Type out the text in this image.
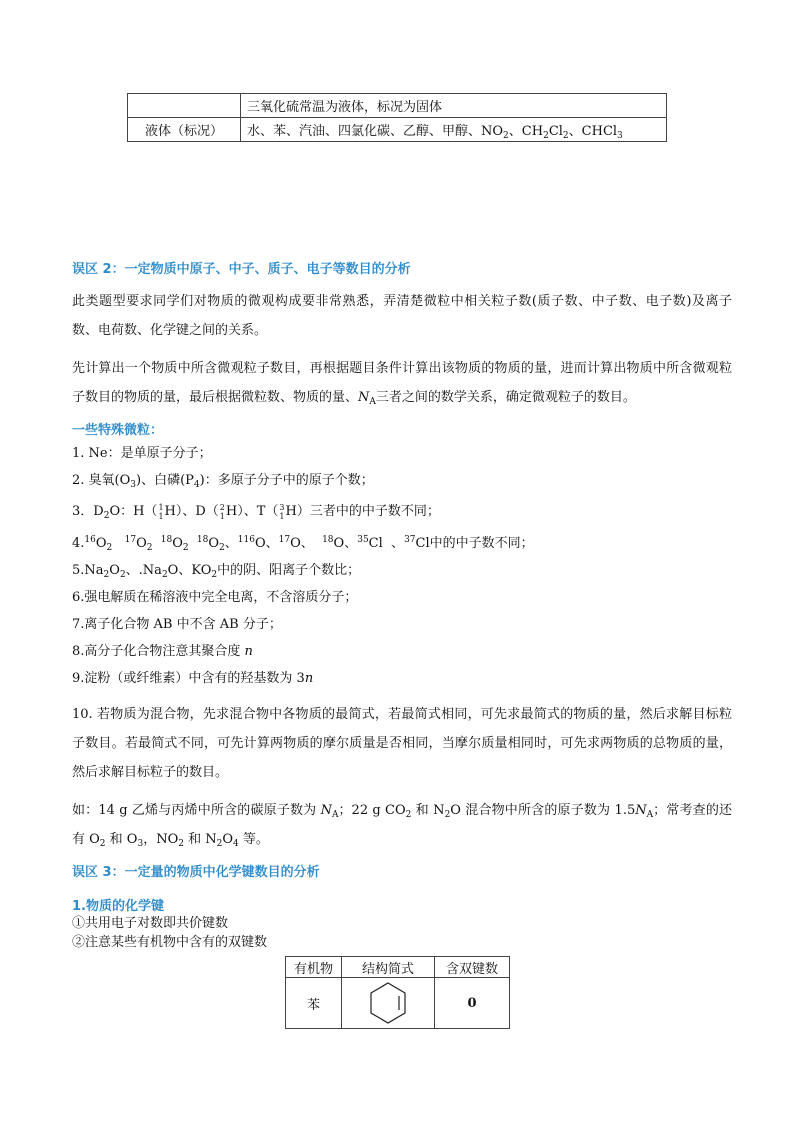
	三氧化硫常温为液体，标况为固体
液体（标况）	水、苯、汽油、四氯化碳、乙醇、甲醇、$NO_2$、$CH_2Cl_2$、CHCl$_3$
误区 2：一定物质中原子、中子、质子、电子等数目的分析
此类题型要求同学们对物质的微观构成要非常熟悉，弄清楚微粒中相关粒子数(质子数、中子数、电子数)及离子数、电荷数、化学键之间的关系。
先计算出一个物质中所含微观粒子数目，再根据题目条件计算出该物质的物质的量，进而计算出物质中所含微观粒子数目的物质的量，最后根据微粒数、物质的量、$N_A$三者之间的数学关系，确定微观粒子的数目。
一些特殊微粒：
1. Ne：是单原子分子；
2. 臭氧$(O_3)$、白磷$(P_4)$：多原子分子中的原子个数；
3．$D_2O$：H（ 1
1 H）、D（ 2
1 H）、T（ 3
1 H）三者中的中子数不同；
$4.16O_2$   $^{17}O_2$  $^{18}O_2$  $^{18}O_2$、$^{116}$O、$^{17}$O、 $^{18}$O、$^{35}$Cl 、$^{37}$Cl中的中子数不同；
$5.Na_2O_2$、$.Na_2O$、$KO_2$中的阴、阳离子个数比；
6.强电解质在稀溶液中完全电离，不含溶质分子；
7.离子化合物 AB 中不含 AB 分子；
8.高分子化合物注意其聚合度 n
9.淀粉（或纤维素）中含有的羟基数为 3n
10. 若物质为混合物，先求混合物中各物质的最简式，若最简式相同，可先求最简式的物质的量，然后求解目标粒子数目。若最简式不同，可先计算两物质的摩尔质量是否相同，当摩尔质量相同时，可先求两物质的总物质的量，然后求解目标粒子的数目。
如：14 g 乙烯与丙烯中所含的碳原子数为 $N_A$；22 g $CO_2$ 和 $N_2O$ 混合物中所含的原子数为 $1.5N_A$；常考查的还有 $O_2$ 和 $O_3$，$NO_2$ 和 $N_2O_4$ 等。
误区 3：一定量的物质中化学键数目的分析
1.物质的化学键
①共用电子对数即共价键数
②注意某些有机物中含有的双键数
有机物	结构简式	含双键数
苯		0
